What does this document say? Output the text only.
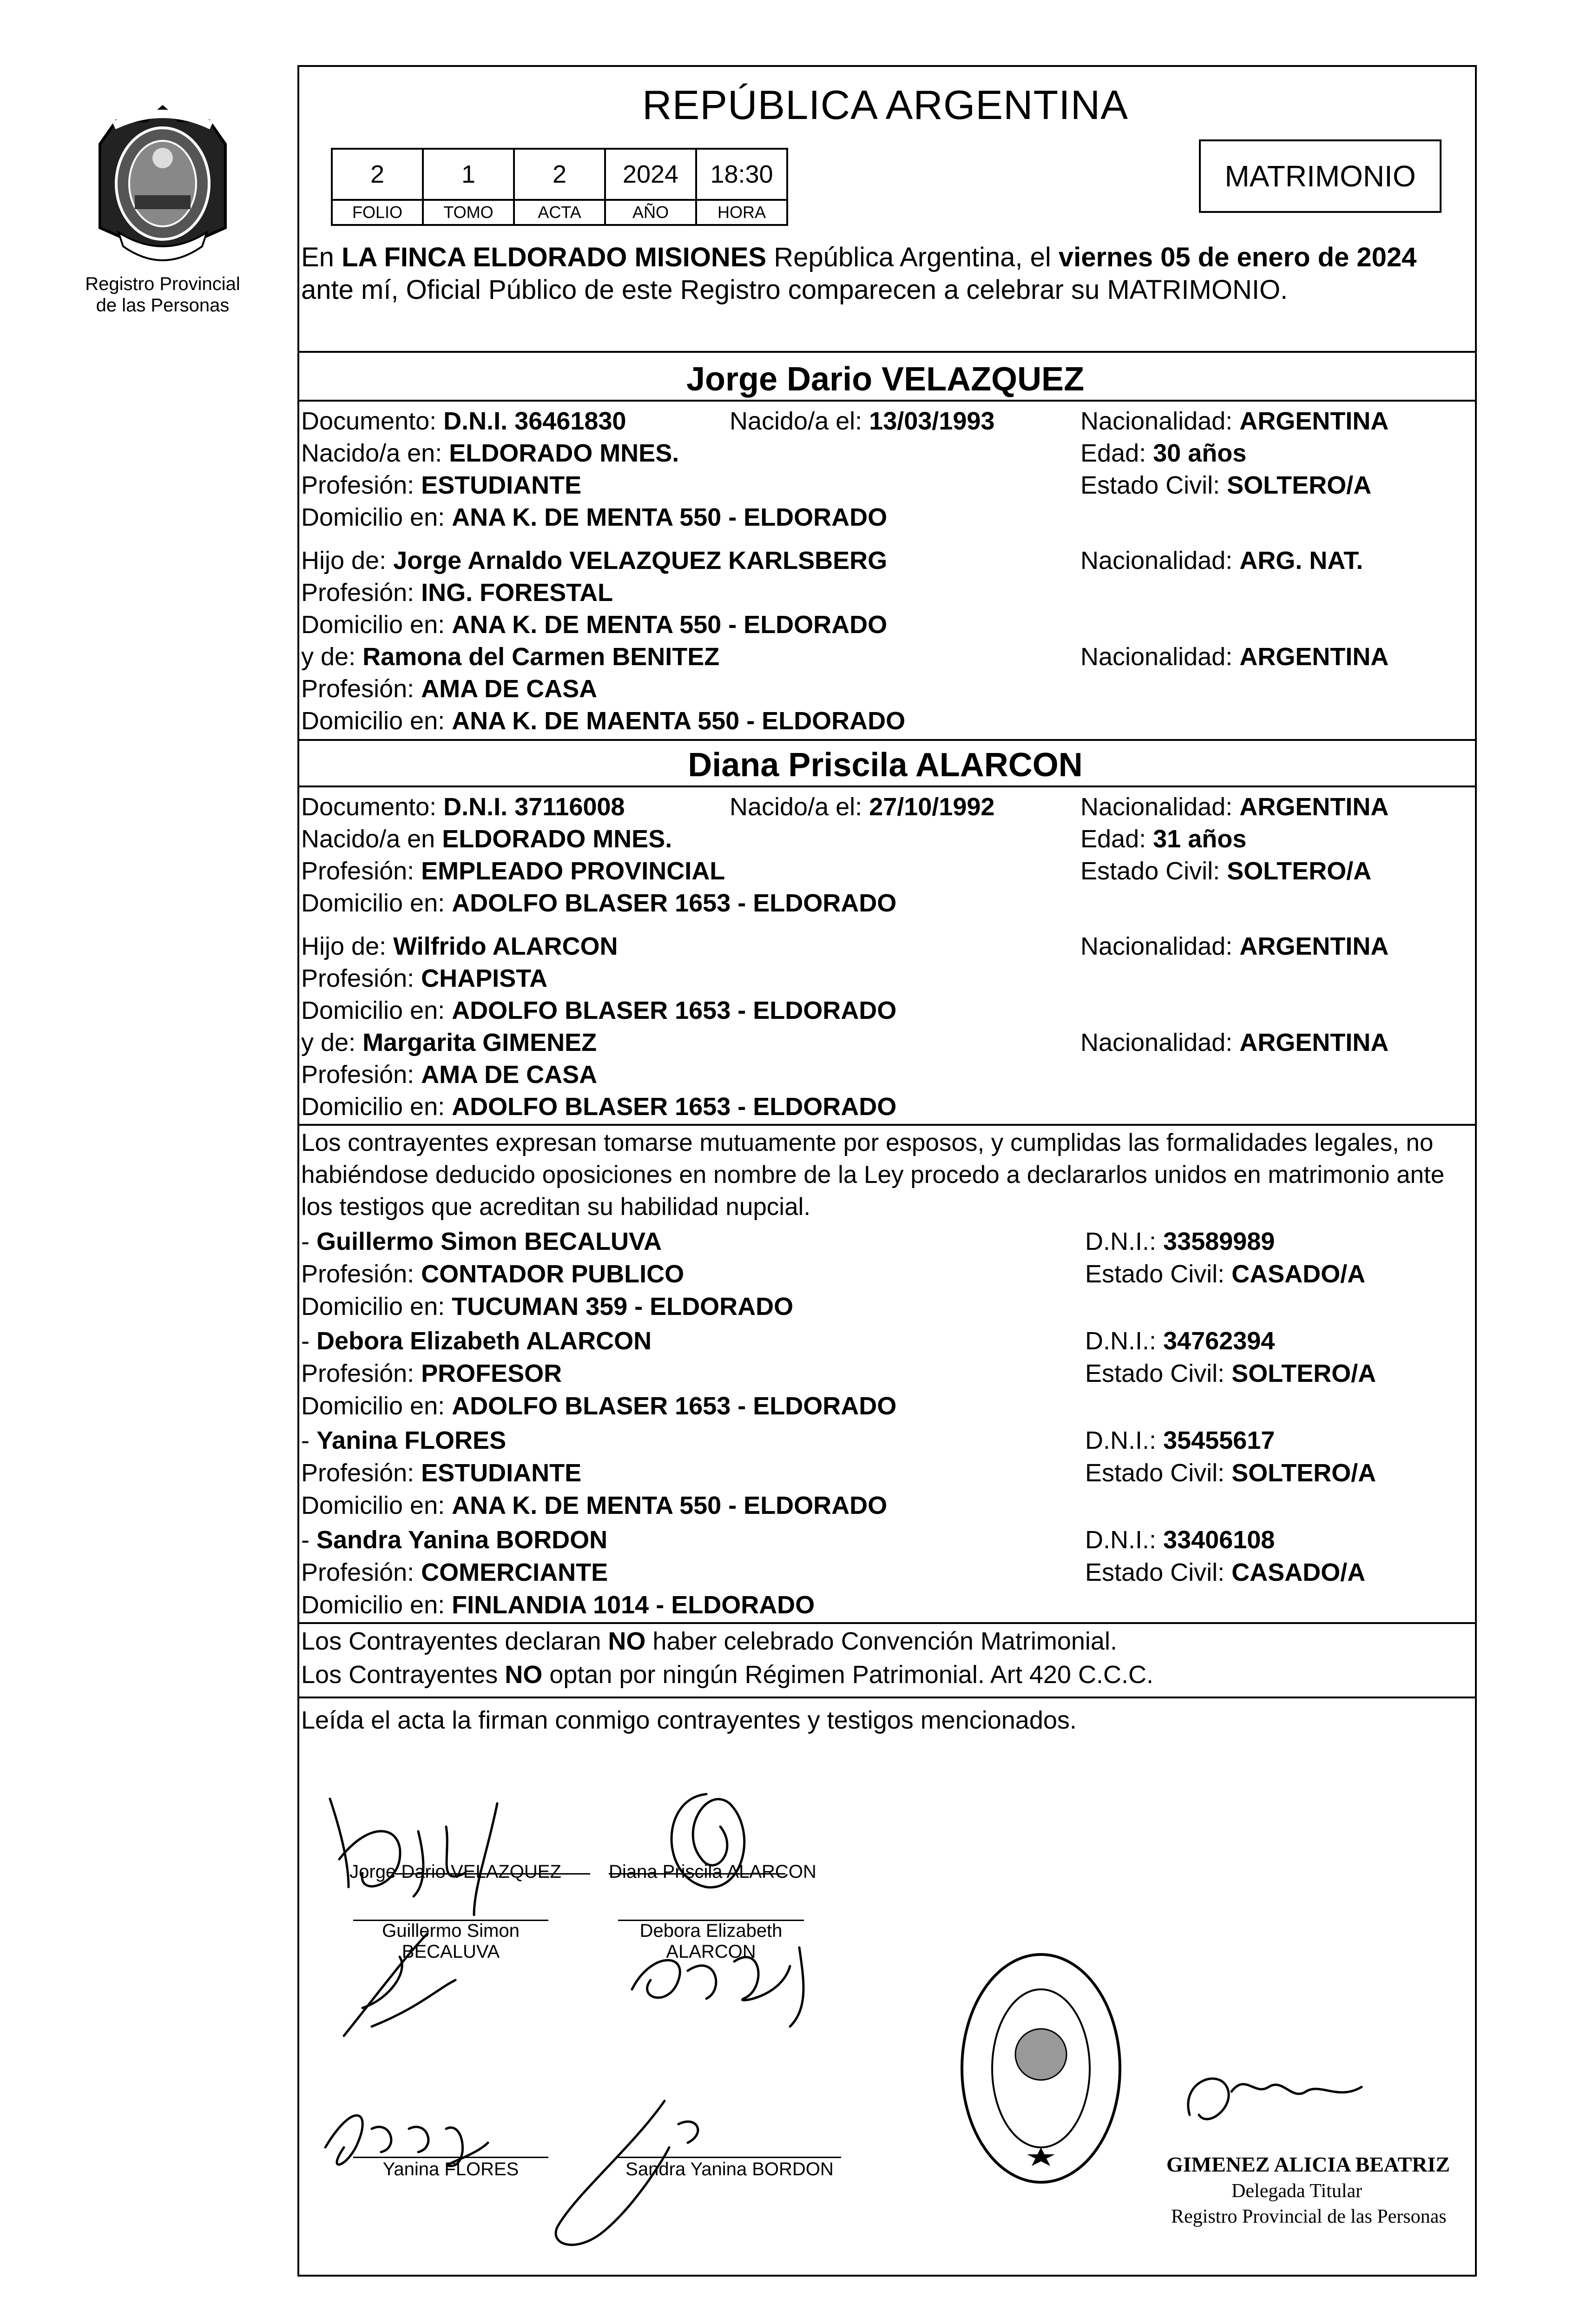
Registro Provincial
de las Personas
REPÚBLICA ARGENTINA
2	1	2	2024	18:30
FOLIO	TOMO	ACTA	AÑO	HORA
MATRIMONIO
En LA FINCA ELDORADO MISIONES República Argentina, el viernes 05 de enero de 2024
ante mí, Oficial Público de este Registro comparecen a celebrar su MATRIMONIO.
Jorge Dario VELAZQUEZ
Documento: D.N.I. 36461830	Nacido/a el: 13/03/1993	Nacionalidad: ARGENTINA
Nacido/a en: ELDORADO MNES.	Edad: 30 años
Profesión: ESTUDIANTE	Estado Civil: SOLTERO/A
Domicilio en: ANA K. DE MENTA 550 - ELDORADO
Hijo de: Jorge Arnaldo VELAZQUEZ KARLSBERG	Nacionalidad: ARG. NAT.
Profesión: ING. FORESTAL
Domicilio en: ANA K. DE MENTA 550 - ELDORADO
y de: Ramona del Carmen BENITEZ	Nacionalidad: ARGENTINA
Profesión: AMA DE CASA
Domicilio en: ANA K. DE MAENTA 550 - ELDORADO
Diana Priscila ALARCON
Documento: D.N.I. 37116008	Nacido/a el: 27/10/1992	Nacionalidad: ARGENTINA
Nacido/a en ELDORADO MNES.	Edad: 31 años
Profesión: EMPLEADO PROVINCIAL	Estado Civil: SOLTERO/A
Domicilio en: ADOLFO BLASER 1653 - ELDORADO
Hijo de: Wilfrido ALARCON	Nacionalidad: ARGENTINA
Profesión: CHAPISTA
Domicilio en: ADOLFO BLASER 1653 - ELDORADO
y de: Margarita GIMENEZ	Nacionalidad: ARGENTINA
Profesión: AMA DE CASA
Domicilio en: ADOLFO BLASER 1653 - ELDORADO
Los contrayentes expresan tomarse mutuamente por esposos, y cumplidas las formalidades legales, no
habiéndose deducido oposiciones en nombre de la Ley procedo a declararlos unidos en matrimonio ante
los testigos que acreditan su habilidad nupcial.
- Guillermo Simon BECALUVA	D.N.I.: 33589989
Profesión: CONTADOR PUBLICO	Estado Civil: CASADO/A
Domicilio en: TUCUMAN 359 - ELDORADO
- Debora Elizabeth ALARCON	D.N.I.: 34762394
Profesión: PROFESOR	Estado Civil: SOLTERO/A
Domicilio en: ADOLFO BLASER 1653 - ELDORADO
- Yanina FLORES	D.N.I.: 35455617
Profesión: ESTUDIANTE	Estado Civil: SOLTERO/A
Domicilio en: ANA K. DE MENTA 550 - ELDORADO
- Sandra Yanina BORDON	D.N.I.: 33406108
Profesión: COMERCIANTE	Estado Civil: CASADO/A
Domicilio en: FINLANDIA 1014 - ELDORADO
Los Contrayentes declaran NO haber celebrado Convención Matrimonial.
Los Contrayentes NO optan por ningún Régimen Patrimonial. Art 420 C.C.C.
Leída el acta la firman conmigo contrayentes y testigos mencionados.
Jorge Dario VELAZQUEZ	Diana Priscila ALARCON
Guillermo Simon
BECALUVA
Debora Elizabeth
ALARCON
Yanina FLORES	Sandra Yanina BORDON	GIMENEZ ALICIA BEATRIZ
Delegada Titular
Registro Provincial de las Personas
